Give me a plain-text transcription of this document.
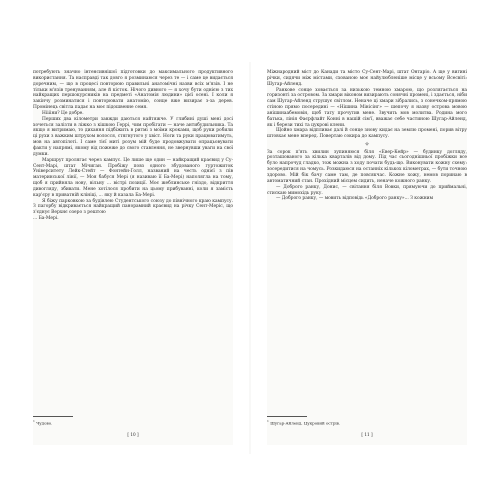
потребують значно інтенсивнішої підготовки до максимального продуктивного використання. Та насправді так довго я розминаюся через те — і саме це видається доречним, — що в процесі повторюю правильні анатомічні назви всіх м'язів. І не тільки м'язів тренуванням, але й кісток. Нічого дивного — я хочу бути однією з тих найкращих першокурсників на предметі «Анатомія людини» цієї осені. І коли я закінчу розминатися і повторювати анатомію, сонце вже визирає з-за дерев. Промінець світла падає на моє підошвенне семя.

Нііііни? Це добре.

Перших два кілометри завжди даються найтяжче. У глибині душі мені досі хочеться залізти в ліжко з кішкою Геррі, чим пробігати — наче антибудильника. Та якщо я витримаю, то дихання підбіжить в ритмі з моїми кроками, щоб руки робили ці рухи з важким штрухом волосся, стягнутого у хвіст. Ноги та руки працюватимуть, мов на автопілоті. І саме тієї миті розум мій буде продовжувати опрацьовувати факти у напрямі, якому від пожеже до свого ставлення, не звернувши уваги на свої думки.

Маршрут пролягає через кампус. Це лише ще один — найкращий краєвид у Су-Сент-Марі, штат Мічиган. Пробіжу повз одного збудованого гуртожиток Університету Лейк-Стейт — Фонтейн-Голл, названий на честь однієї з пів материнської лінії, — Моя бабуся Мері (я називаю її Ба-Мері) наполягла на тому, щоб я прийняла нову, вільну ... вістрі позиції. Моє жеблинське гніздо, відкриття дивогляду, збивати. Мене хотілося пробити на цьому прибуванні, коли я замість кар'єру в приватній клініці, ... яку й казала Ба-Мері.

Я біжу парковкою за будівлею Студентського союзу до північного краю кампусу. З пагорбу відкривається найкращий панорамний краєвид на річку Сент-Меріс, що з'єднує Верхнє озеро з рештою

... Ба-Мері.

$^1$ Чудово.
[ 10 ]

Міжнародний міст до Канади та місто Су-Сент-Марі, штат Онтаріо. А ще у вигині річки, сидячи між містами, схованою моє найулюбленіше місце у всьому Всесвіті: Шугар-Айленд.

Ранкове сонце ховається за низькою темною хмарою, що розлягається на горизонті за островом. За хмари віконом визирають сонячні промені, і здається, ніби сам Шугар-Айленд струшує світлом. Неначе ці хмари зібрались, з сонечком-прямою стіною прямо посередині — «Нішина Мінісінг» — шепочу я назву острова мовою анішинаабемовін, щоб тату прочутив мене. Звучить мов молитва. Родина мого батька, лінія Фаєрфлайт Конні в нашій сім'ї, вважає себе частиною Шугар-Айленд, як і берези тихі та цукрові клени.

Щойно хмара відпливає далі й сонце знову кидає на землю промені, порив вітру штовхає мене вперед. Повертаю сокира до кампусу.

✧

За сорок п'ять хвилин зупиняюся біля «Евер-Кейр» — будинку догляду, розташованого за кілька кварталів від дому. Під час сьогоднішньої пробіжки все було напрочуд гладко, тож можна з ходу почати будь-що. Виконувати кожну схему: зосередитися на чомусь. Розкидаюся на останніх кількох кілометрах, — бути точною здорово. Мій бік бачу саме там, де повсякчас. Кожне хожу, немов поринаю в автоматичний стан. Прохідний місцем сидить, неначе кожного ранку.

— Доброго ранку, Донис, — світання біля Вовки, прямуючи до приймальні, стискаю мимохідь руку.

— Доброго ранку, — мовить відповідь «Доброго ранку»... З кожним

$^1$ Шугар-Айленд, Цукровий острів.
[ 11 ]
